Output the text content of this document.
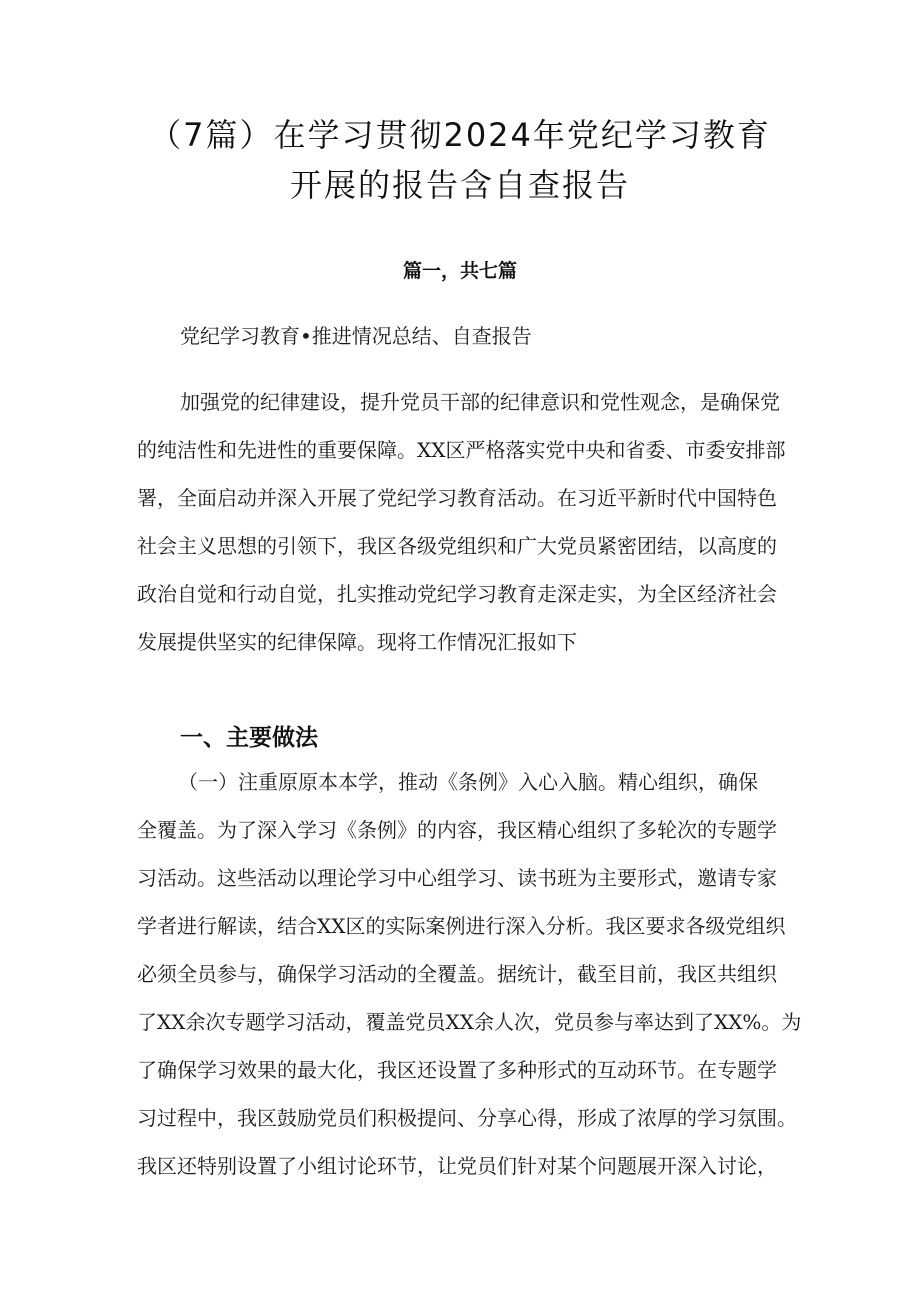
（7篇）在学习贯彻2024年党纪学习教育
开展的报告含自查报告
篇一，共七篇
党纪学习教育•推进情况总结、自查报告
加强党的纪律建设，提升党员干部的纪律意识和党性观念，是确保党
的纯洁性和先进性的重要保障。XX区严格落实党中央和省委、市委安排部
署，全面启动并深入开展了党纪学习教育活动。在习近平新时代中国特色
社会主义思想的引领下，我区各级党组织和广大党员紧密团结，以高度的
政治自觉和行动自觉，扎实推动党纪学习教育走深走实，为全区经济社会
发展提供坚实的纪律保障。现将工作情况汇报如下
一、主要做法
（一）注重原原本本学，推动《条例》入心入脑。精心组织，确保
全覆盖。为了深入学习《条例》的内容，我区精心组织了多轮次的专题学
习活动。这些活动以理论学习中心组学习、读书班为主要形式，邀请专家
学者进行解读，结合XX区的实际案例进行深入分析。我区要求各级党组织
必须全员参与，确保学习活动的全覆盖。据统计，截至目前，我区共组织
了XX余次专题学习活动，覆盖党员XX余人次，党员参与率达到了XX%。为
了确保学习效果的最大化，我区还设置了多种形式的互动环节。在专题学
习过程中，我区鼓励党员们积极提问、分享心得，形成了浓厚的学习氛围。
我区还特别设置了小组讨论环节，让党员们针对某个问题展开深入讨论，
